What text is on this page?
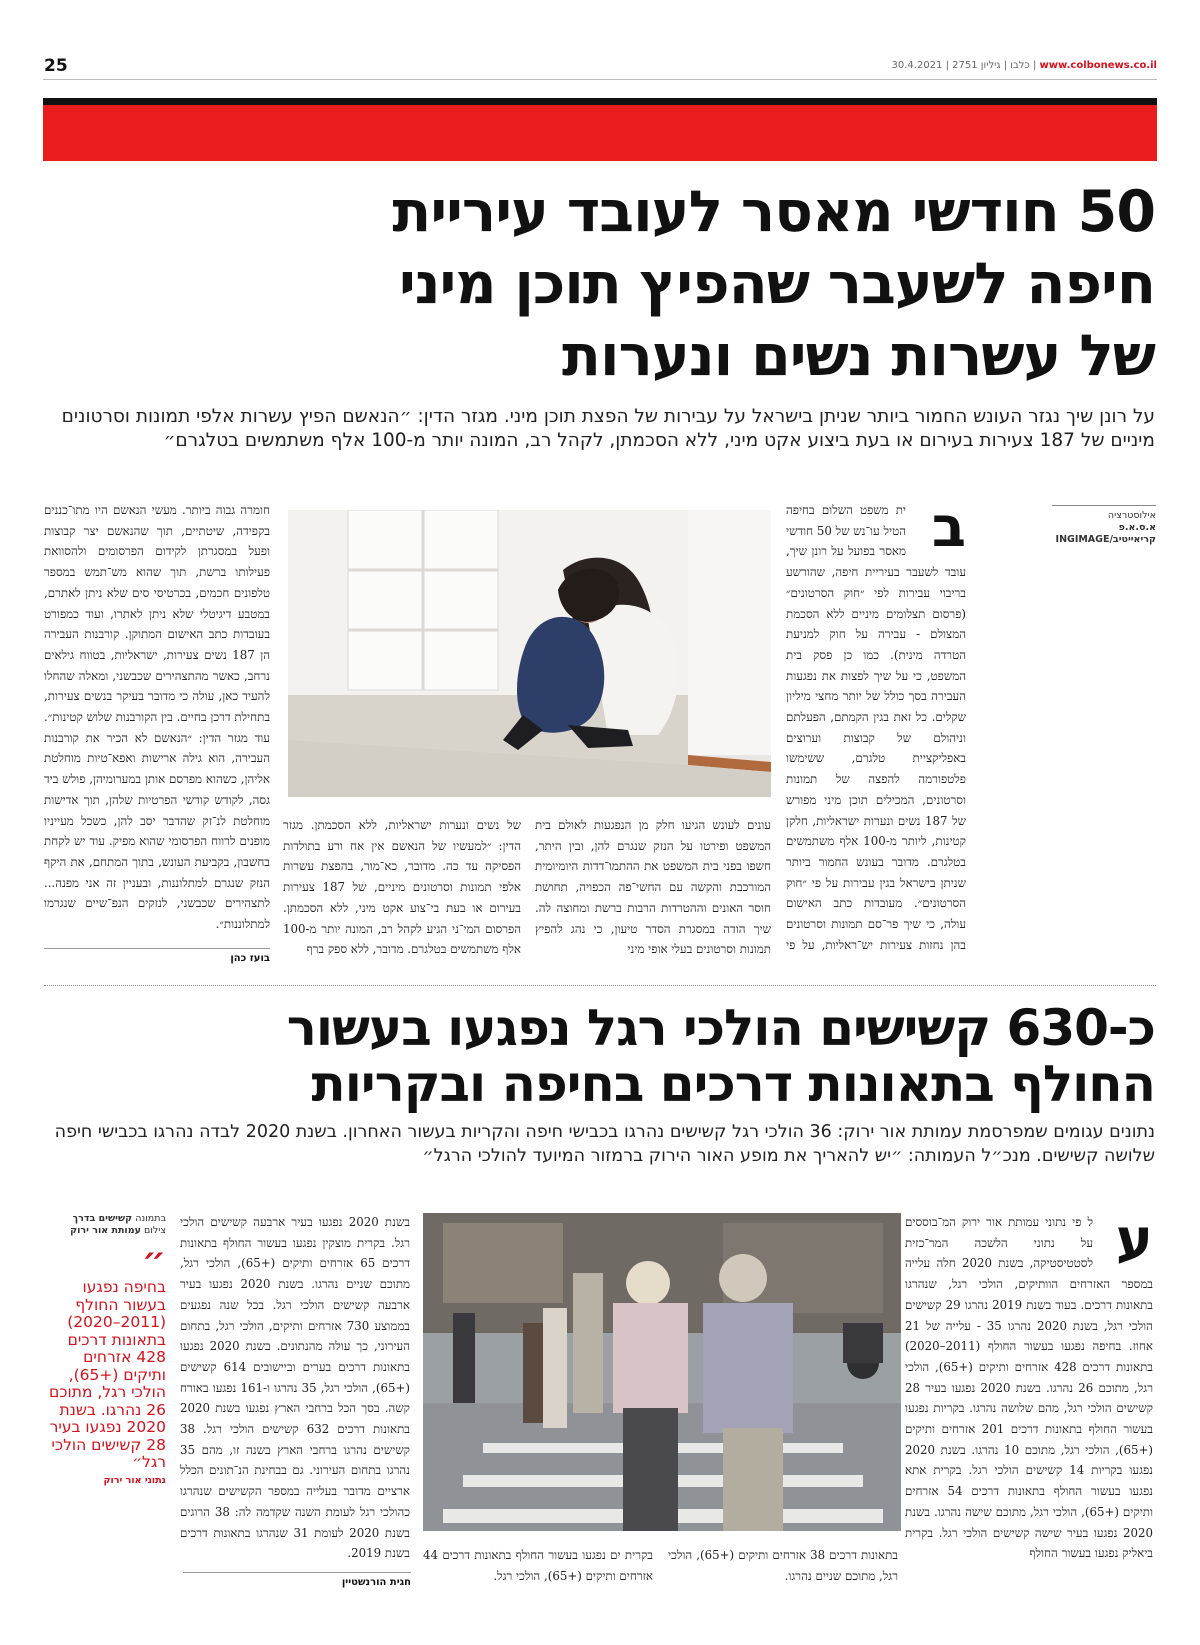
25	www.colbonews.co.il | כלבו | גיליון 2751 | 30.4.2021
50 חודשי מאסר לעובד עיריית
חיפה לשעבר שהפיץ תוכן מיני
של עשרות נשים ונערות
על רונן שיך נגזר העונש החמור ביותר שניתן בישראל על עבירות של הפצת תוכן מיני. מגזר הדין: ״הנאשם הפיץ עשרות אלפי תמונות וסרטונים מיניים של 187 צעירות בעירום או בעת ביצוע אקט מיני, ללא הסכמתן, לקהל רב, המונה יותר מ-100 אלף משתמשים בטלגרם״
אילוסטרציה
א.ס.א.פ קריאייטיב/INGIMAGE
ב

ית משפט השלום בחיפה הטיל עו־נש של 50 חודשי מאסר בפועל על רונן שיך, עובד לשעבר בעיריית חיפה, שהורשע בריבוי עבירות לפי ״חוק הסרטונים״ (פרסום תצלומים מיניים ללא הסכמת המצולם - עבירה על חוק למניעת הטרדה מינית). כמו כן פסק בית המשפט, כי על שיך לפצות את נפגעות העבירה בסך כולל של יותר מחצי מיליון שקלים. כל זאת בגין הקמתם, הפעלתם וניהולם של קבוצות וערוצים באפליקציית טלגרם, ששימשו פלטפורמה להפצה של תמונות וסרטונים, המכילים תוכן מיני מפורש של 187 נשים ונערות ישראליות, חלקן קטינות, ליותר מ-100 אלף משתמשים בטלגרם. מדובר בעונש החמור ביותר שניתן בישראל בגין עבירות על פי ״חוק הסרטונים״. מעובדות כתב האישום עולה, כי שיך פר־סם תמונות וסרטונים בהן נחזות צעירות יש־ראליות, על פי

עונים לעונש הגיעו חלק מן הנפגעות לאולם בית המשפט ופירטו על הנזק שנגרם להן, ובין היתר, חשפו בפני בית המשפט את ההתמו־דדות היומיומית המורכבת והקשה עם החשי־פה הכפויה, תחושת חוסר האונים וההטרדות הרבות ברשת ומחוצה לה. שיך הודה במסגרת הסדר טיעון, כי נהג להפיץ תמונות וסרטונים בעלי אופי מיני

של נשים ונערות ישראליות, ללא הסכמתן. מגזר הדין: ״למעשיו של הנאשם אין אח ורע בתולדות הפסיקה עד כה. מדובר, כא־מור, בהפצת עשרות אלפי תמונות וסרטונים מיניים, של 187 צעירות בעירום או בעת בי־צוע אקט מיני, ללא הסכמתן. הפרסום המי־ני הגיע לקהל רב, המונה יותר מ-100 אלף משתמשים בטלגרם. מדובר, ללא ספק ברף

חומרה גבוה ביותר. מעשי הנאשם היו מתו־כננים בקפידה, שיטתיים, תוך שהנאשם יצר קבוצות ופעל במסגרתן לקידום הפרסומים ולהסוואת פעילותו ברשת, תוך שהוא מש־תמש במספר טלפונים חכמים, בכרטיסי סים שלא ניתן לאתרם, במטבע דיגיטלי שלא ניתן לאתרו, ועוד כמפורט בעובדות כתב האישום המתוקן. קורבנות העבירה הן 187 נשים צעירות, ישראליות, בטווח גילאים נרחב, כאשר מהתצהירים שכבשני, ומאלה שהחלו להעיד כאן, עולה כי מדובר בעיקר בנשים צעירות, בתחילת דרכן בחיים. בין הקורבנות שלוש קטינות״. עוד מגזר הדין: ״הנאשם לא הכיר את קורבנות העבירה, הוא גילה ארישות ואפא־טיות מוחלטת אליהן, כשהוא מפרסם אותן במערומיהן, פולש ביד גסה, לקודש קודשי הפרטיות שלהן, תוך אדישות מוחלטת לנ־זק שהדבר יסב להן, כשכל מעייניו מופנים לרווח הפרסומי שהוא מפיק. עוד יש לקחת בחשבון, בקביעת העונש, בתוך המתחם, את היקף הנזק שנגרם למתלוננות, ובעניין זה אני מפנה... לתצהירים שכבשני, לנזקים הנפ־שיים שנגרמו למתלוננות״.

בועז כהן
כ-630 קשישים הולכי רגל נפגעו בעשור
החולף בתאונות דרכים בחיפה ובקריות
נתונים עגומים שמפרסמת עמותת אור ירוק: 36 הולכי רגל קשישים נהרגו בכבישי חיפה והקריות בעשור האחרון. בשנת 2020 לבדה נהרגו בכבישי חיפה שלושה קשישים. מנכ״ל העמותה: ״יש להאריך את מופע האור הירוק ברמזור המיועד להולכי הרגל״
ע

ל פי נתוני עמותת אור ירוק המ־בוססים על נתוני הלשכה המר־כזית לסטטיסטיקה, בשנת 2020 חלה עלייה במספר האזרחים הוותיקים, הולכי רגל, שנהרגו בתאונות דרכים. בעוד בשנת 2019 נהרגו 29 קשישים הולכי רגל, בשנת 2020 נהרגו 35 - עלייה של 21 אחוז. בחיפה נפגעו בעשור החולף (2011–2020) בתאונות דרכים 428 אזרחים ותיקים (+65), הולכי רגל, מתוכם 26 נהרגו. בשנת 2020 נפגעו בעיר 28 קשישים הולכי רגל, מהם שלושה נהרגו. בקריות נפגעו בעשור החולף בתאונות דרכים 201 אזרחים ותיקים (+65), הולכי רגל, מתוכם 10 נהרגו. בשנת 2020 נפגעו בקריות 14 קשישים הולכי רגל. בקרית אתא נפגעו בעשור החולף בתאונות דרכים 54 אזרחים ותיקים (+65), הולכי רגל, מתוכם שישה נהרגו. בשנת 2020 נפגעו בעיר שישה קשישים הולכי רגל. בקרית ביאליק נפגעו בעשור החולף

בתאונות דרכים 38 אזרחים ותיקים (+65), הולכי רגל, מתוכם שניים נהרגו.

בקרית ים נפגעו בעשור החולף בתאונות דרכים 44 אזרחים ותיקים (+65), הולכי רגל.

בשנת 2020 נפגעו בעיר ארבעה קשישים הולכי רגל. בקרית מוצקין נפגעו בעשור החולף בתאונות דרכים 65 אזרחים ותיקים (+65), הולכי רגל, מתוכם שניים נהרגו. בשנת 2020 נפגעו בעיר ארבעה קשישים הולכי רגל. בכל שנה נפגעים בממוצע 730 אזרחים ותיקים, הולכי רגל, בתחום העירוני, כך עולה מהנתונים. בשנת 2020 נפגעו בתאונות דרכים בערים וביישובים 614 קשישים (+65), הולכי רגל, 35 נהרגו ו-161 נפגעו באורח קשה. בסך הכל ברחבי הארץ נפגעו בשנת 2020 בתאונות דרכים 632 קשישים הולכי רגל. 38 קשישים נהרגו ברחבי הארץ בשנה זו, מהם 35 נהרגו בתחום העירוני. גם בבחינת הנ־תונים הכלל ארציים מדובר בעלייה במספר הקשישים שנהרגו כהולכי רגל לעומת השנה שקדמה לה: 38 הרוגים בשנת 2020 לעומת 31 שנהרגו בתאונות דרכים בשנת 2019.

חגית הורנשטיין
בתמונה קשישים בדרך
צילום עמותת אור ירוק
״
בחיפה נפגעו בעשור החולף (2011–2020) בתאונות דרכים 428 אזרחים ותיקים (+65), הולכי רגל, מתוכם 26 נהרגו. בשנת 2020 נפגעו בעיר 28 קשישים הולכי רגל״
נתוני אור ירוק
